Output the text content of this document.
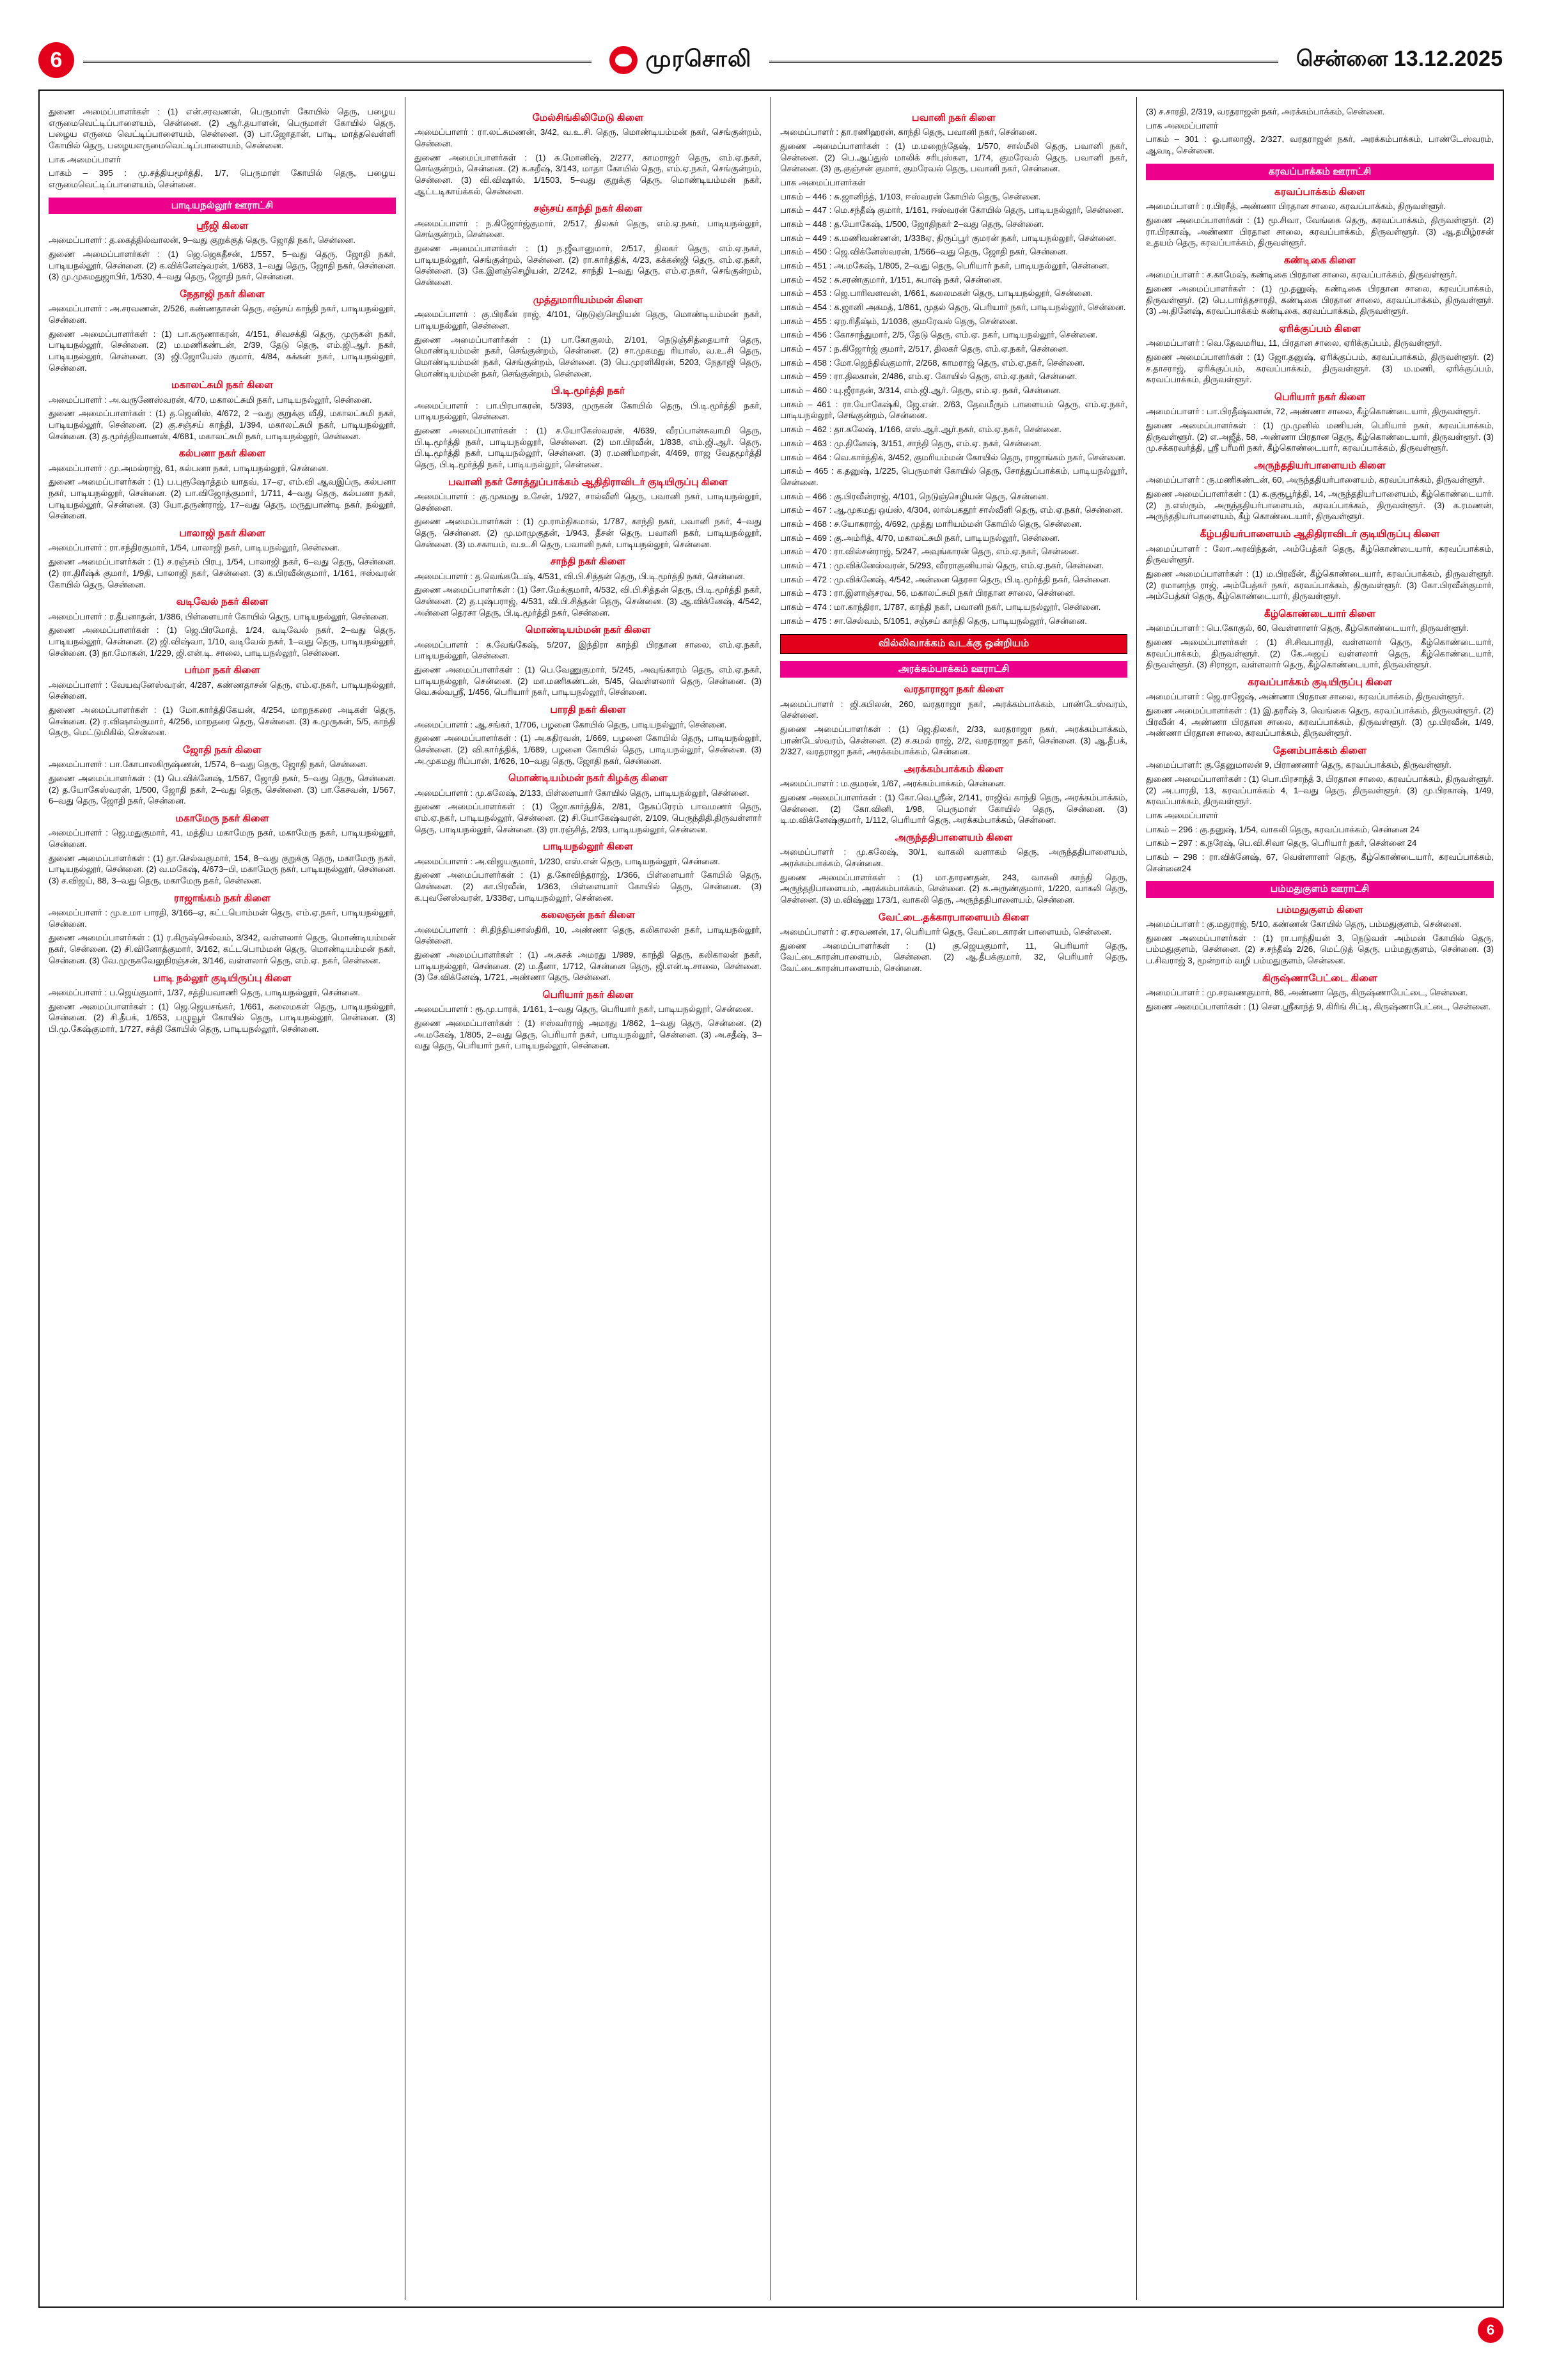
6	முரசொலி	சென்னை 13.12.2025

துணை அமைப்பாளர்கள் : (1) என்.சரவணன், பெருமாள் கோயில் தெரு, பழைய எருமைவெட்டிப்பாளையம், சென்னை. (2) ஆர்.தயாளன், பெருமாள் கோயில் தெரு, பழைய எருமை வெட்டிப்பாளையம், சென்னை. (3) பா.ஜோதான், பாடி, மாத்தவெள்ளி கோயில் தெரு, பழையஎருமைவெட்டிப்பாளையம், சென்னை.

பாக அமைப்பாளர்

பாகம் – 395 : மு.சத்தியமூர்த்தி, 1/7, பெருமாள் கோயில் தெரு, பழைய எருமைவெட்டிப்பாளையம், சென்னை.

பாடியநல்லூர் ஊராட்சி
ஸ்ரீஜி கிளை

அமைப்பாளர் : த.கைத்தில்வாலன், 9–வது குறுக்குத் தெரு, ஜோதி நகர், சென்னை.

துணை அமைப்பாளர்கள் : (1) ஜெ.ஜெகதீசன், 1/557, 5–வது தெரு, ஜோதி நகர், பாடியநல்லூர், சென்னை. (2) க.விக்னேஷ்வரன், 1/683, 1–வது தெரு, ஜோதி நகர், சென்னை. (3) மு.முகமதுஜாபிர், 1/530, 4–வது தெரு, ஜோதி நகர், சென்னை.

நேதாஜி நகர் கிளை

அமைப்பாளர் : அ.சரவணன், 2/526, கண்ணதாசன் தெரு, சஞ்சய் காந்தி நகர், பாடியநல்லூர், சென்னை.

துணை அமைப்பாளர்கள் : (1) பா.கருணாகரன், 4/151, சிவசக்தி தெரு, முருகன் நகர், பாடியநல்லூர், சென்னை. (2) ம.மணிகண்டன், 2/39, தேடு தெரு, எம்.ஜி.ஆர். நகர், பாடியநல்லூர், சென்னை. (3) ஜி.ஜோயேஸ் குமார், 4/84, கக்கன் நகர், பாடியநல்லூர், சென்னை.

மகாலட்சுமி நகர் கிளை

அமைப்பாளர் : அ.வருணேஸ்வரன், 4/70, மகாலட்சுமி நகர், பாடியநல்லூர், சென்னை.

துணை அமைப்பாளர்கள் : (1) த.ஜெனிஸ், 4/672, 2 –வது குறுக்கு வீதி, மகாலட்சுமி நகர், பாடியநல்லூர், சென்னை. (2) கு.சஞ்சய் காந்தி, 1/394, மகாலட்சுமி நகர், பாடியநல்லூர், சென்னை. (3) த.மூர்த்திவாணன், 4/681, மகாலட்சுமி நகர், பாடியநல்லூர், சென்னை.

கல்பனா நகர் கிளை

அமைப்பாளர் : மு.அமல்ராஜ், 61, கல்பனா நகர், பாடியநல்லூர், சென்னை.

துணை அமைப்பாளர்கள் : (1) ப.புரூஷோத்தம் யாதவ், 17–ஏ, எம்.வி ஆவஇப்ரு, கல்பனா நகர், பாடியநல்லூர், சென்னை. (2) பா.விஜோத்குமார், 1/711, 4–வது தெரு, கல்பனா நகர், பாடியநல்லூர், சென்னை. (3) யோ.தருண்ராஜ், 17–வது தெரு, மருதுபாண்டி நகர், நல்லூர், சென்னை.

பாலாஜி நகர் கிளை

அமைப்பாளர் : ரா.சந்திரகுமார், 1/54, பாலாஜி நகர், பாடியநல்லூர், சென்னை.

துணை அமைப்பாளர்கள் : (1) ச.ரஞ்சம் பிரபு, 1/54, பாலாஜி நகர், 6–வது தெரு, சென்னை. (2) ரா.திரீஷ்க் குமார், 1/9தி, பாலாஜி நகர், சென்னை. (3) க.பிரவீன்குமார், 1/161, ஈஸ்வரன் கோயில் தெரு, சென்னை.

வடிவேல் நகர் கிளை

அமைப்பாளர் : ர.தீபனாதன், 1/386, பிள்ளையார் கோயில் தெரு, பாடியநல்லூர், சென்னை.

துணை அமைப்பாளர்கள் : (1) ஜெ.பிரமோத், 1/24, வடிவேல் நகர், 2–வது தெரு, பாடியநல்லூர், சென்னை. (2) ஜி.விஷ்வா, 1/10, வடிவேல் நகர், 1–வது தெரு, பாடியநல்லூர், சென்னை. (3) நா.மோகன், 1/229, ஜி.என்.டி. சாலை, பாடியநல்லூர், சென்னை.

பர்மா நகர் கிளை

அமைப்பாளர் : வேயவுனேஸ்வரன், 4/287, கண்ணதாசன் தெரு, எம்.ஏ.நகர், பாடியநல்லூர், சென்னை.

துணை அமைப்பாளர்கள் : (1) மோ.கார்த்திகேயன், 4/254, மாறநகரை அடிகள் தெரு, சென்னை. (2) ர.விஷால்குமார், 4/256, மாறதரை தெரு, சென்னை. (3) சு.முருகன், 5/5, காந்தி தெரு, மெட்டுமிகில், சென்னை.

ஜோதி நகர் கிளை

அமைப்பாளர் : பா.கோபாலகிருஷ்ணன், 1/574, 6–வது தெரு, ஜோதி நகர், சென்னை.

துணை அமைப்பாளர்கள் : (1) பெ.விக்னேஷ், 1/567, ஜோதி நகர், 5–வது தெரு, சென்னை. (2) த.யோகேஸ்வரன், 1/500, ஜோதி நகர், 2–வது தெரு, சென்னை. (3) பா.கேசவன், 1/567, 6–வது தெரு, ஜோதி நகர், சென்னை.

மகாமேரு நகர் கிளை

அமைப்பாளர் : ஜெ.மதுகுமார், 41, மத்திய மகாமேரு நகர், மகாமேரு நகர், பாடியநல்லூர், சென்னை.

துணை அமைப்பாளர்கள் : (1) தா.செல்வகுமார், 154, 8–வது குறுக்கு தெரு, மகாமேரு நகர், பாடியநல்லூர், சென்னை. (2) வ.மகேஷ், 4/673–பி, மகாமேரு நகர், பாடியநல்லூர், சென்னை. (3) ச.விஜய், 88, 3–வது தெரு, மகாமேரு நகர், சென்னை.

ராஜாங்கம் நகர் கிளை

அமைப்பாளர் : மு.உமா பாரதி, 3/166–ஏ, கட்டபொம்மன் தெரு, எம்.ஏ.நகர், பாடியநல்லூர், சென்னை.

துணை அமைப்பாளர்கள் : (1) ர.கிருஷ்செல்வம், 3/342, வள்ளலார் தெரு, மொண்டியம்மன் நகர், சென்னை. (2) சி.வினோத்குமார், 3/162, கட்டபொம்மன் தெரு, மொண்டியம்மன் நகர், சென்னை. (3) வே.முருகவேலுநிரஞ்சன், 3/146, வள்ளலார் தெரு, எம்.ஏ. நகர், சென்னை.

பாடி நல்லூர் குடியிருப்பு கிளை

அமைப்பாளர் : ப.ஜெய்குமார், 1/37, சத்தியவாணி தெரு, பாடியநல்லூர், சென்னை.

துணை அமைப்பாளர்கள் : (1) ஜெ.ஜெயசங்கர், 1/661, கலைமகள் தெரு, பாடியநல்லூர், சென்னை. (2) சி.தீபக், 1/653, பழுவூர் கோயில் தெரு, பாடியநல்லூர், சென்னை. (3) பி.மு.கேஷ்குமார், 1/727, சக்தி கோயில் தெரு, பாடியநல்லூர், சென்னை.

மேல்சிங்கிலிமேடு கிளை

அமைப்பாளர் : ரா.லட்சுமணன், 3/42, வ.உ.சி. தெரு, மொண்டியம்மன் நகர், செங்குன்றம், சென்னை.

துணை அமைப்பாளர்கள் : (1) சு.மோனிஷ், 2/277, காமராஜர் தெரு, எம்.ஏ.நகர், செங்குன்றம், சென்னை. (2) க.கறீஷ், 3/143, மாதா கோயில் தெரு, எம்.ஏ.நகர், செங்குன்றம், சென்னை. (3) வி.விஷால், 1/1503, 5–வது குறுக்கு தெரு, மொண்டியம்மன் நகர், ஆட்டடிகாய்க்கல், சென்னை.

சஞ்சய் காந்தி நகர் கிளை

அமைப்பாளர் : ந.கிஜோர்ஜ்குமார், 2/517, திலகர் தெரு, எம்.ஏ.நகர், பாடியநல்லூர், செங்குன்றம், சென்னை.

துணை அமைப்பாளர்கள் : (1) ந.ஜீவானுமார், 2/517, திலகர் தெரு, எம்.ஏ.நகர், பாடியநல்லூர், செங்குன்றம், சென்னை. (2) ரா.கார்த்திக், 4/23, கக்கன்ஜி தெரு, எம்.ஏ.நகர், சென்னை. (3) கே.இளஞ்செழியன், 2/242, சாந்தி 1–வது தெரு, எம்.ஏ.நகர், செங்குன்றம், சென்னை.

முத்துமாரியம்மன் கிளை

அமைப்பாளர் : கு.பிரகீன் ராஜ், 4/101, நெடுஞ்செழியன் தெரு, மொண்டியம்மன் நகர், பாடியநல்லூர், சென்னை.

துணை அமைப்பாளர்கள் : (1) பா.கோகுலம், 2/101, நெடுஞ்சித்தையார் தெரு, மொண்டியம்மன் நகர், செங்குன்றம், சென்னை. (2) சா.முகமது ரியாஸ், வ.உ.சி தெரு, மொண்டியம்மன் நகர், செங்குன்றம், சென்னை. (3) பெ.முரளிகிரன், 5203, நேதாஜி தெரு, மொண்டியம்மன் நகர், செங்குன்றம், சென்னை.

பி.டி.மூர்த்தி நகர்

அமைப்பாளர் : பா.பிரபாகரன், 5/393, முருகன் கோயில் தெரு, பி.டி.மூர்த்தி நகர், பாடியநல்லூர், சென்னை.

துணை அமைப்பாளர்கள் : (1) ச.யோகேஸ்வரன், 4/639, வீரப்பான்சுவாமி தெரு, பி.டி.மூர்த்தி நகர், பாடியநல்லூர், சென்னை. (2) மா.பிரவீன், 1/838, எம்.ஜி.ஆர். தெரு, பி.டி.மூர்த்தி நகர், பாடியநல்லூர், சென்னை. (3) ர.மணிமாறன், 4/469, ராஜ வேதமூர்த்தி தெரு, பி.டி.மூர்த்தி நகர், பாடியநல்லூர், சென்னை.

பவானி நகர் சோத்துப்பாக்கம் ஆதிதிராவிடர் குடியிருப்பு கிளை

அமைப்பாளர் : கு.முகமது உசேன், 1/927, சால்வீளி தெரு, பவானி நகர், பாடியநல்லூர், சென்னை.

துணை அமைப்பாளர்கள் : (1) மு.ராம்திகமால், 1/787, காந்தி நகர், பவானி நகர், 4–வது தெரு, சென்னை. (2) மு.மாமுகுதன், 1/943, தீசன் தெரு, பவானி நகர், பாடியநல்லூர், சென்னை. (3) ம.சகாயம், வ.உ.சி தெரு, பவானி நகர், பாடியநல்லூர், சென்னை.

சாந்தி நகர் கிளை

அமைப்பாளர் : த.வெங்கடேஷ், 4/531, வி.பி.சித்தன் தெரு, பி.டி.மூர்த்தி நகர், சென்னை.

துணை அமைப்பாளர்கள் : (1) சோ.மேக்குமார், 4/532, வி.பி.சித்தன் தெரு, பி.டி.மூர்த்தி நகர், சென்னை. (2) த.புஷ்பராஜ், 4/531, வி.பி.சித்தன் தெரு, சென்னை. (3) ஆ.விக்னேஷ், 4/542, அன்னை தெரசா தெரு, பி.டி.மூர்த்தி நகர், சென்னை.

மொண்டியம்மன் நகர் கிளை

அமைப்பாளர் : க.வேங்கேஷ், 5/207, இந்திரா காந்தி பிரதான சாலை, எம்.ஏ.நகர், பாடியநல்லூர், சென்னை.

துணை அமைப்பாளர்கள் : (1) பெ.வேணுகுமார், 5/245, அவுங்காரம் தெரு, எம்.ஏ.நகர், பாடியநல்லூர், சென்னை. (2) மா.மணிகண்டன், 5/45, வெள்ளலார் தெரு, சென்னை. (3) வெ.சுல்வஸ்ரீ, 1/456, பெரியார் நகர், பாடியநல்லூர், சென்னை.

பாரதி நகர் கிளை

அமைப்பாளர் : ஆ.சங்கர், 1/706, பழனை கோயில் தெரு, பாடியநல்லூர், சென்னை.

துணை அமைப்பாளர்கள் : (1) அ.கதிரவன், 1/669, பழனை கோயில் தெரு, பாடியநல்லூர், சென்னை. (2) வி.கார்த்திக், 1/689, பழனை கோயில் தெரு, பாடியநல்லூர், சென்னை. (3) அ.முகமது ரிப்பான், 1/626, 10–வது தெரு, ஜோதி நகர், சென்னை.

மொண்டியம்மன் நகர் கிழக்கு கிளை

அமைப்பாளர் : மு.கலேஷ், 2/133, பிள்ளையார் கோயில் தெரு, பாடியநல்லூர், சென்னை.

துணை அமைப்பாளர்கள் : (1) ஜோ.கார்த்திக், 2/81, நேகப்ரேரம் பாவமணர் தெரு, எம்.ஏ.நகர், பாடியநல்லூர், சென்னை. (2) சி.யோகேஷ்வரன், 2/109, பெருந்திதி.திருவள்ளார் தெரு, பாடியநல்லூர், சென்னை. (3) ரா.ரஞ்சித், 2/93, பாடியநல்லூர், சென்னை.

பாடியநல்லூர் கிளை

அமைப்பாளர் : அ.விஜயகுமார், 1/230, எஸ்.என் தெரு, பாடியநல்லூர், சென்னை.

துணை அமைப்பாளர்கள் : (1) த.கோவிந்தராஜ், 1/366, பிள்ளையார் கோயில் தெரு, சென்னை. (2) கா.பிரவீன், 1/363, பிள்ளையார் கோயில் தெரு, சென்னை. (3) க.புவனேஸ்வரன், 1/338ஏ, பாடியநல்லூர், சென்னை.

கலைஞன் நகர் கிளை

அமைப்பாளர் : சி.திந்தியசாஸ்திரி, 10, அண்ணா தெரு, கலிகாலன் நகர், பாடியநல்லூர், சென்னை.

துணை அமைப்பாளர்கள் : (1) அ.சுசக் அமரது 1/989, காந்தி தெரு, கலிகாலன் நகர், பாடியநல்லூர், சென்னை. (2) ம.தீனா, 1/712, சென்னை தெரு, ஜி.என்.டி.சாலை, சென்னை. (3) சே.விக்னேஷ், 1/721, அண்ணா தெரு, சென்னை.

பெரியார் நகர் கிளை

அமைப்பாளர் : ரூ.மு.பாரக், 1/161, 1–வது தெரு, பெரியார் நகர், பாடியநல்லூர், சென்னை.

துணை அமைப்பாளர்கள் : (1) ஈஸ்வர்ராஜ் அமரது 1/862, 1–வது தெரு, சென்னை. (2) அ.மகேஷ், 1/805, 2–வது தெரு, பெரியார் நகர், பாடியநல்லூர், சென்னை. (3) அ.சதீஷ், 3–வது தெரு, பெரியார் நகர், பாடியநல்லூர், சென்னை.

பவானி நகர் கிளை

அமைப்பாளர் : தா.ரணிஹரன், காந்தி தெரு, பவானி நகர், சென்னை.

துணை அமைப்பாளர்கள் : (1) ம.மறைந்தேஷ், 1/570, சால்மீலி தெரு, பவானி நகர், சென்னை. (2) பெ.ஆப்துல் மாலிக் சரிபுஸ்கள, 1/74, குமரேவல் தெரு, பவானி நகர், சென்னை. (3) கு.குஞ்சன் குமார், குமரேவல் தெரு, பவானி நகர், சென்னை.

பாக அமைப்பாளர்கள்

பாகம் – 446 : சு.ஜானிந்த், 1/103, ஈஸ்வரன் கோயில் தெரு, சென்னை.

பாகம் – 447 : மெ.சந்தீஷ் குமார், 1/161, ஈஸ்வரன் கோயில் தெரு, பாடியநல்லூர், சென்னை.

பாகம் – 448 : த.யோகேஷ், 1/500, ஜோதிநகர் 2–வது தெரு, சென்னை.

பாகம் – 449 : க.மணிவண்ணன், 1/338ஏ, திருப்பூர் குமரன் நகர், பாடியநல்லூர், சென்னை.

பாகம் – 450 : ஜெ.விக்னேஸ்வரன், 1/566–வது தெரு, ஜோதி நகர், சென்னை.

பாகம் – 451 : அ.மகேஷ், 1/805, 2–வது தெரு, பெரியார் நகர், பாடியநல்லூர், சென்னை.

பாகம் – 452 : சு.சரண்குமார், 1/151, சுபாஷ் நகர், சென்னை.

பாகம் – 453 : ஜெ.பாரிவளவன், 1/661, கலைமகள் தெரு, பாடியநல்லூர், சென்னை.

பாகம் – 454 : க.ஜானி அகமத், 1/861, முதல் தெரு, பெரியார் நகர், பாடியநல்லூர், சென்னை.

பாகம் – 455 : ஏற.ரிதீஷ்ம், 1/1036, குமரேவல் தெரு, சென்னை.

பாகம் – 456 : கோசாந்துமார், 2/5, தேடு தெரு, எம்.ஏ. நகர், பாடியநல்லூர், சென்னை.

பாகம் – 457 : ந.கிஜோர்ஜ் குமார், 2/517, திலகர் தெரு, எம்.ஏ.நகர், சென்னை.

பாகம் – 458 : மோ.ஜெந்திவ்குமார், 2/268, காமராஜ் தெரு, எம்.ஏ.நகர், சென்னை.

பாகம் – 459 : ரா.திலகான், 2/486, எம்.ஏ. கோயில் தெரு, எம்.ஏ.நகர், சென்னை.

பாகம் – 460 : யு.ஜீராதன், 3/314, எம்.ஜி.ஆர். தெரு, எம்.ஏ. நகர், சென்னை.

பாகம் – 461 : ரா.யோகேஷ்கி, ஜே.என். 2/63, தேவமீரும் பாளையம் தெரு, எம்.ஏ.நகர், பாடியநல்லூர், செங்குன்றம், சென்னை.

பாகம் – 462 : தா.கலேஷ், 1/166, எஸ்.ஆர்.ஆர்.நகர், எம்.ஏ.நகர், சென்னை.

பாகம் – 463 : மு.தினேஷ், 3/151, சாந்தி தெரு, எம்.ஏ. நகர், சென்னை.

பாகம் – 464 : வெ.கார்த்திக், 3/452, குமரியம்மன் கோயில் தெரு, ராஜாங்கம் நகர், சென்னை.

பாகம் – 465 : க.தனுஷ், 1/225, பெருமாள் கோயில் தெரு, சோத்துப்பாக்கம், பாடியநல்லூர், சென்னை.

பாகம் – 466 : கு.பிரவீன்ராஜ், 4/101, நெடுஞ்செழியன் தெரு, சென்னை.

பாகம் – 467 : ஆ.முகமது ஒய்ஸ், 4/304, லால்பகதூர் சால்வீளி தெரு, எம்.ஏ.நகர், சென்னை.

பாகம் – 468 : ச.யோகராஜ், 4/692, முத்து மாரியம்மன் கோயில் தெரு, சென்னை.

பாகம் – 469 : கு.அம்ரித், 4/70, மகாலட்சுமி நகர், பாடியநல்லூர், சென்னை.

பாகம் – 470 : ரா.வில்சன்ராஜ், 5/247, அவுங்காரன் தெரு, எம்.ஏ.நகர், சென்னை.

பாகம் – 471 : மு.விக்னேஸ்வரன், 5/293, வீரராகுனியால் தெரு, எம்.ஏ.நகர், சென்னை.

பாகம் – 472 : மு.விக்னேஷ், 4/542, அன்னை தெரசா தெரு, பி.டி.மூர்த்தி நகர், சென்னை.

பாகம் – 473 : ரா.இளாஞ்சரவ, 56, மகாலட்சுமி நகர் பிரதான சாலை, சென்னை.

பாகம் – 474 : மா.காந்திரா, 1/787, காந்தி நகர், பவானி நகர், பாடியநல்லூர், சென்னை.

பாகம் – 475 : சா.செல்வம், 5/1051, சஞ்சய் காந்தி தெரு, பாடியநல்லூர், சென்னை.

வில்லிவாக்கம் வடக்கு ஒன்றியம்
அரக்கம்பாக்கம் ஊராட்சி
வரதாராஜா நகர் கிளை

அமைப்பாளர் : ஜி.கபிலன், 260, வரதராஜா நகர், அரக்கம்பாக்கம், பாண்டேஸ்வரம், சென்னை.

துணை அமைப்பாளர்கள் : (1) ஜெ.திலகர், 2/33, வரதராஜா நகர், அரக்கம்பாக்கம், பாண்டேஸ்வரம், சென்னை. (2) ச.கமல் ராஜ், 2/2, வரதராஜா நகர், சென்னை. (3) ஆ.தீபக், 2/327, வரதராஜா நகர், அரக்கம்பாக்கம், சென்னை.

அரக்கம்பாக்கம் கிளை

அமைப்பாளர் : ம.குமரன், 1/67, அரக்கம்பாக்கம், சென்னை.

துணை அமைப்பாளர்கள் : (1) கோ.வெ.ஸ்ரீன், 2/141, ராஜிவ் காந்தி தெரு, அரக்கம்பாக்கம், சென்னை. (2) கோ.வினி, 1/98, பெருமாள் கோயில் தெரு, சென்னை. (3) டி.ம.விக்னேஷ்குமார், 1/112, பெரியார் தெரு, அரக்கம்பாக்கம், சென்னை.

அருந்ததிபாளையம் கிளை

அமைப்பாளர் : மு.கலேஷ், 30/1, வாகலி வளாகம் தெரு, அருந்ததிபாளையம், அரக்கம்பாக்கம், சென்னை.

துணை அமைப்பாளர்கள் : (1) மா.தாரணதன், 243, வாகலி காந்தி தெரு, அருந்ததிபாளையம், அரக்கம்பாக்கம், சென்னை. (2) க.அருண்குமார், 1/220, வாகலி தெரு, சென்னை. (3) ம.விஷ்ணு 173/1, வாகலி தெரு, அருந்ததிபாளையம், சென்னை.

வேட்டை.தக்காரபாளையம் கிளை

அமைப்பாளர் : ஏ.சரவணன், 17, பெரியார் தெரு, வேட்டைகாரன் பாளையம், சென்னை.

துணை அமைப்பாளர்கள் : (1) கு.ஜெயகுமார், 11, பெரியார் தெரு, வேட்டைகாரன்பாளையம், சென்னை. (2) ஆ.தீபக்குமார், 32, பெரியார் தெரு, வேட்டைகாரன்பாளையம், சென்னை.

(3) ச.சாரதி, 2/319, வரதராஜன் நகர், அரக்கம்பாக்கம், சென்னை.

பாக அமைப்பாளர்

பாகம் – 301 : ஓ.பாலாஜி, 2/327, வரதராஜன் நகர், அரக்கம்பாக்கம், பாண்டேஸ்வரம், ஆவடி, சென்னை.

கரவப்பாக்கம் ஊராட்சி
கரவப்பாக்கம் கிளை

அமைப்பாளர் : ர.பிரசீத், அண்ணா பிரதான சாலை, கரவப்பாக்கம், திருவள்ளூர்.

துணை அமைப்பாளர்கள் : (1) மூ.சிவா, வேங்கை தெரு, கரவப்பாக்கம், திருவள்ளூர். (2) ரா.பிரகாஷ், அண்ணா பிரதான சாலை, கரவப்பாக்கம், திருவள்ளூர். (3) ஆ.தமிழ்ரசன் உதயம் தெரு, கரவப்பாக்கம், திருவள்ளூர்.

கண்டிகை கிளை

அமைப்பாளர் : ச.காமேஷ், கண்டிகை பிரதான சாலை, கரவப்பாக்கம், திருவள்ளூர்.

துணை அமைப்பாளர்கள் : (1) மு.தனுஷ், கண்டிகை பிரதான சாலை, கரவப்பாக்கம், திருவள்ளூர். (2) பெ.பார்த்தசாரதி, கண்டிகை பிரதான சாலை, கரவப்பாக்கம், திருவள்ளூர். (3) அ.தினேஷ், கரவப்பாக்கம் கண்டிகை, கரவப்பாக்கம், திருவள்ளூர்.

ஏரிக்குப்பம் கிளை

அமைப்பாளர் : வெ.தேவமரிய, 11, பிரதான சாலை, ஏரிக்குப்பம், திருவள்ளூர்.

துணை அமைப்பாளர்கள் : (1) ஜோ.தனுஷ், ஏரிக்குப்பம், கரவப்பாக்கம், திருவள்ளூர். (2) ச.தாசராஜ், ஏரிக்குப்பம், கரவப்பாக்கம், திருவள்ளூர். (3) ம.மணி, ஏரிக்குப்பம், கரவப்பாக்கம், திருவள்ளூர்.

பெரியார் நகர் கிளை

அமைப்பாளர் : பா.பிரதீஷ்வளன், 72, அண்ணா சாலை, கீழ்கொண்டையார், திருவள்ளூர்.

துணை அமைப்பாளர்கள் : (1) மு.முனில் மணியன், பெரியார் நகர், கரவப்பாக்கம், திருவள்ளூர். (2) எ.அஜீத், 58, அண்ணா பிரதான தெரு, கீழ்கொண்டையார், திருவள்ளூர். (3) மு.சக்கரவர்த்தி, ஸ்ரீ பரீமரி நகர், கீழ்கொண்டையார், கரவப்பாக்கம், திருவள்ளூர்.

அருந்ததியர்பாளையம் கிளை

அமைப்பாளர் : ரு.மணிகண்டன், 60, அருந்ததியர்பாளையம், கரவப்பாக்கம், திருவள்ளூர்.

துணை அமைப்பாளர்கள் : (1) க.குரூபூர்த்தி, 14, அருந்ததியர்பாளையம், கீழ்கொண்டையார். (2) ந.எஸ்ரும், அருந்ததியர்பாளையம், கரவப்பாக்கம், திருவள்ளூர். (3) க.ரமணன், அருந்ததியர்பாளையம், கீழ் கொண்டையார், திருவள்ளூர்.

கீழ்பதியர்பாளையம் ஆதிதிராவிடர் குடியிருப்பு கிளை

அமைப்பாளர் : லோ.அரவிந்தன், அம்பேத்கர் தெரு, கீழ்கொண்டையார், கரவப்பாக்கம், திருவள்ளூர்.

துணை அமைப்பாளர்கள் : (1) ம.பிரவீன், கீழ்கொண்டையார், கரவப்பாக்கம், திருவள்ளூர். (2) ரமானந்த ராஜ், அம்பேத்கர் நகர், கரவப்பாக்கம், திருவள்ளூர். (3) கோ.பிரவீன்குமார், அம்பேத்கர் தெரு, கீழ்கொண்டையார், திருவள்ளூர்.

கீழ்கொண்டையார் கிளை

அமைப்பாளர் : பெ.கோகுல், 60, வெள்ளாளர் தெரு, கீழ்கொண்டையார், திருவள்ளூர்.

துணை அமைப்பாளர்கள் : (1) சி.சிவபாரதி, வள்ளலார் தெரு, கீழ்கொண்டையார், கரவப்பாக்கம், திருவள்ளூர். (2) கே.அஜய் வள்ளலார் தெரு, கீழ்கொண்டையார், திருவள்ளூர். (3) சிராஜா, வள்ளலார் தெரு, கீழ்கொண்டையார், திருவள்ளூர்.

கரவப்பாக்கம் குடியிருப்பு கிளை

அமைப்பாளர் : ஜெ.ராஜேஷ், அண்ணா பிரதான சாலை, கரவப்பாக்கம், திருவள்ளூர்.

துணை அமைப்பாளர்கள் : (1) இ.தரரீஷ் 3, வெங்கை தெரு, கரவப்பாக்கம், திருவள்ளூர். (2) பிரவீன் 4, அண்ணா பிரதான சாலை, கரவப்பாக்கம், திருவள்ளூர். (3) மு.பிரவீன், 1/49, அண்ணா பிரதான சாலை, கரவப்பாக்கம், திருவள்ளூர்.

தேனம்பாக்கம் கிளை

அமைப்பாளர்: கு.தேனுமாலன் 9, பிராணனார் தெரு, கரவப்பாக்கம், திருவள்ளூர்.

துணை அமைப்பாளர்கள் : (1) பொ.பிரசாந்த் 3, பிரதான சாலை, கரவப்பாக்கம், திருவள்ளூர். (2) அ.பாரதி, 13, கரவப்பாக்கம் 4, 1–வது தெரு, திருவள்ளூர். (3) மு.பிரகாஷ், 1/49, கரவப்பாக்கம், திருவள்ளூர்.

பாக அமைப்பாளர்

பாகம் – 296 : கு.தனுஷ், 1/54, வாகலி தெரு, கரவப்பாக்கம், சென்னை 24

பாகம் – 297 : க.நரேஷ், பெ.வி.சிவா தெரு, பெரியார் நகர், சென்னை 24

பாகம் – 298 : ரா.விக்னேஷ், 67, வெள்ளாளர் தெரு, கீழ்கொண்டையார், கரவப்பாக்கம், சென்னை24

பம்மதுகுளம் ஊராட்சி
பம்மதுகுளம் கிளை

அமைப்பாளர் : கு.மதுராஜ், 5/10, கண்ணன் கோயில் தெரு, பம்மதுகுளம், சென்னை.

துணை அமைப்பாளர்கள் : (1) ரா.பாந்தியன் 3, நெடுவள் அம்மன் கோயில் தெரு, பம்மதுகுளம், சென்னை. (2) ச.சந்தீஷ் 2/26, மெட்டுத் தெரு, பம்மதுகுளம், சென்னை. (3) ப.சிவராஜ் 3, மூன்றாம் வழி பம்மதுகுளம், சென்னை.

கிருஷ்ணாபேட்டை கிளை

அமைப்பாளர் : மு.சரவணகுமார், 86, அண்ணா தெரு, கிருஷ்ணாபேட்டை, சென்னை.

துணை அமைப்பாளர்கள் : (1) சௌ.ஸ்ரீகாந்த் 9, கிரிங் சிட்டி, கிருஷ்ணாபேட்டை, சென்னை.

6
